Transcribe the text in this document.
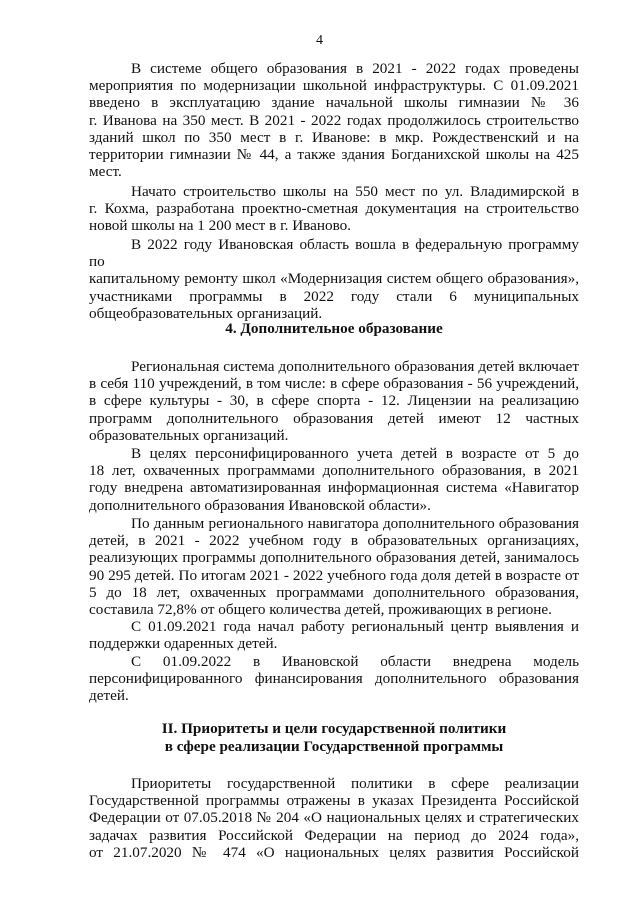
4

В системе общего образования в 2021 - 2022 годах проведены

мероприятия по модернизации школьной инфраструктуры. С 01.09.2021

введено в эксплуатацию здание начальной школы гимназии № 36

г. Иванова на 350 мест. В 2021 - 2022 годах продолжилось строительство

зданий школ по 350 мест в г. Иванове: в мкр. Рождественский и на

территории гимназии № 44, а также здания Богданихской школы на 425

мест.

Начато строительство школы на 550 мест по ул. Владимирской в

г. Кохма, разработана проектно-сметная документация на строительство

новой школы на 1 200 мест в г. Иваново.

В 2022 году Ивановская область вошла в федеральную программу по

капитальному ремонту школ «Модернизация систем общего образования»,

участниками программы в 2022 году стали 6 муниципальных

общеобразовательных организаций.

4. Дополнительное образование

Региональная система дополнительного образования детей включает

в себя 110 учреждений, в том числе: в сфере образования - 56 учреждений,

в сфере культуры - 30, в сфере спорта - 12. Лицензии на реализацию

программ дополнительного образования детей имеют 12 частных

образовательных организаций.

В целях персонифицированного учета детей в возрасте от 5 до

18 лет, охваченных программами дополнительного образования, в 2021

году внедрена автоматизированная информационная система «Навигатор

дополнительного образования Ивановской области».

По данным регионального навигатора дополнительного образования

детей, в 2021 - 2022 учебном году в образовательных организациях,

реализующих программы дополнительного образования детей, занималось

90 295 детей. По итогам 2021 - 2022 учебного года доля детей в возрасте от

5 до 18 лет, охваченных программами дополнительного образования,

составила 72,8% от общего количества детей, проживающих в регионе.

С 01.09.2021 года начал работу региональный центр выявления и

поддержки одаренных детей.

С 01.09.2022 в Ивановской области внедрена модель

персонифицированного финансирования дополнительного образования

детей.

II. Приоритеты и цели государственной политики

в сфере реализации Государственной программы

Приоритеты государственной политики в сфере реализации

Государственной программы отражены в указах Президента Российской

Федерации от 07.05.2018 № 204 «О национальных целях и стратегических

задачах развития Российской Федерации на период до 2024 года»,

от 21.07.2020 № 474 «О национальных целях развития Российской
